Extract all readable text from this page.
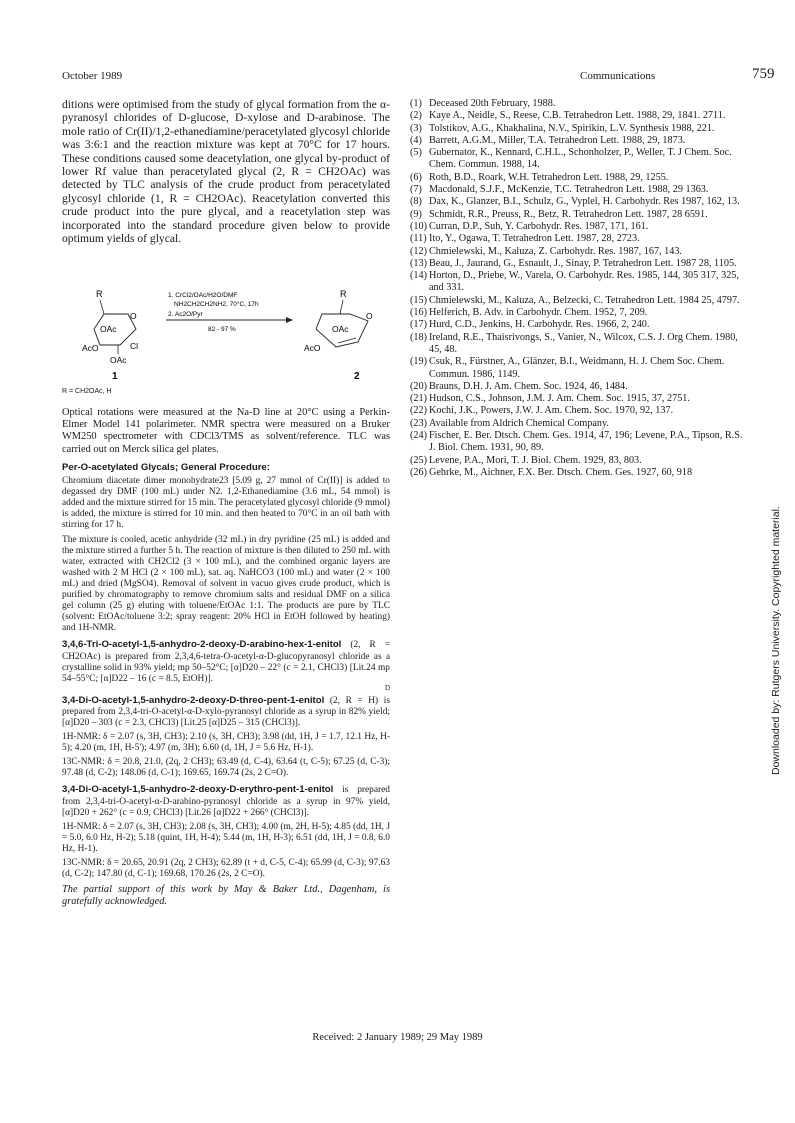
October 1989	Communications	759
Downloaded by: Rutgers University. Copyrighted material.

ditions were optimised from the study of glycal formation from the α-pyranosyl chlorides of D-glucose, D-xylose and D-arabinose. The mole ratio of Cr(II)/1,2-ethanediamine/peracetylated glycosyl chloride was 3:6:1 and the reaction mixture was kept at 70°C for 17 hours. These conditions caused some deacetylation, one glycal by-product of lower Rf value than peracetylated glycal (2, R = CH2OAc) was detected by TLC analysis of the crude product from peracetylated glycosyl chloride (1, R = CH2OAc). Reacetylation converted this crude product into the pure glycal, and a reacetylation step was incorporated into the standard procedure given below to provide optimum yields of glycal.

R
O
OAc
AcO	Cl
OAc
1
1. CrCl2/OAc/H2O/DMF
NH2CH2CH2NH2, 70°C, 17h
2. Ac2O/Pyr
82 - 97 %
R
O
OAc
AcO
2
R = CH2OAc, H
Optical rotations were measured at the Na-D line at 20°C using a Perkin-Elmer Model 141 polarimeter. NMR spectra were measured on a Bruker WM250 spectrometer with CDCl3/TMS as solvent/reference. TLC was carried out on Merck silica gel plates.

Per-O-acetylated Glycals; General Procedure:

Chromium diacetate dimer monohydrate23 [5.09 g, 27 mmol of Cr(II)] is added to degassed dry DMF (100 mL) under N2. 1,2-Ethanediamine (3.6 mL, 54 mmol) is added and the mixture stirred for 15 min. The peracetylated glycosyl chloride (9 mmol) is added, the mixture is stirred for 10 min. and then heated to 70°C in an oil bath with stirring for 17 h.

The mixture is cooled, acetic anhydride (32 mL) in dry pyridine (25 mL) is added and the mixture stirred a further 5 h. The reaction of mixture is then diluted to 250 mL with water, extracted with CH2Cl2 (3 × 100 mL), and the combined organic layers are washed with 2 M HCl (2 × 100 mL), sat. aq. NaHCO3 (100 mL) and water (2 × 100 mL) and dried (MgSO4). Removal of solvent in vacuo gives crude product, which is purified by chromatography to remove chromium salts and residual DMF on a silica gel column (25 g) eluting with toluene/EtOAc 1:1. The products are pure by TLC (solvent: EtOAc/toluene 3:2; spray reagent: 20% HCl in EtOH followed by heating) and 1H-NMR.

3,4,6-Tri-O-acetyl-1,5-anhydro-2-deoxy-D-arabino-hex-1-enitol (2, R = CH2OAc) is prepared from 2,3,4,6-tetra-O-acetyl-α-D-glucopyranosyl chloride as a crystalline solid in 93% yield; mp 50–52°C; [α]D20 – 22° (c = 2.1, CHCl3) [Lit.24 mp 54–55°C; [α]D22 – 16 (c = 8.5, EtOH)].
D

3,4-Di-O-acetyl-1,5-anhydro-2-deoxy-D-threo-pent-1-enitol (2, R = H) is prepared from 2,3,4-tri-O-acetyl-α-D-xylo-pyranosyl chloride as a syrup in 82% yield; [α]D20 – 303 (c = 2.3, CHCl3) [Lit.25 [α]D25 – 315 (CHCl3)].

1H-NMR: δ = 2.07 (s, 3H, CH3); 2.10 (s, 3H, CH3); 3.98 (dd, 1H, J = 1.7, 12.1 Hz, H-5); 4.20 (m, 1H, H-5'); 4.97 (m, 3H); 6.60 (d, 1H, J = 5.6 Hz, H-1).

13C-NMR: δ = 20.8, 21.0, (2q, 2 CH3); 63.49 (d, C-4), 63.64 (t, C-5); 67.25 (d, C-3); 97.48 (d, C-2); 148.06 (d, C-1); 169.65, 169.74 (2s, 2 C=O).

3,4-Di-O-acetyl-1,5-anhydro-2-deoxy-D-erythro-pent-1-enitol is prepared from 2,3,4-tri-O-acetyl-α-D-arabino-pyranosyl chloride as a syrup in 97% yield, [α]D20 + 262° (c = 0.9, CHCl3) [Lit.26 [α]D22 + 266° (CHCl3)].

1H-NMR: δ = 2.07 (s, 3H, CH3); 2.08 (s, 3H, CH3); 4.00 (m, 2H, H-5); 4.85 (dd, 1H, J = 5.0, 6.0 Hz, H-2); 5.18 (quint, 1H, H-4); 5.44 (m, 1H, H-3); 6.51 (dd, 1H, J = 0.8, 6.0 Hz, H-1).

13C-NMR: δ = 20.65, 20.91 (2q, 2 CH3); 62.89 (t + d, C-5, C-4); 65.99 (d, C-3); 97.63 (d, C-2); 147.80 (d, C-1); 169.68, 170.26 (2s, 2 C=O).

The partial support of this work by May & Baker Ltd., Dagenham, is gratefully acknowledged.

(1) Deceased 20th February, 1988.
(2) Kaye A., Neidle, S., Reese, C.B. Tetrahedron Lett. 1988, 29, 1841. 2711.
(3) Tolstikov, A.G., Khakhalina, N.V., Spirikin, L.V. Synthesis 1988, 221.
(4) Barrett, A.G.M., Miller, T.A. Tetrahedron Lett. 1988, 29, 1873.
(5) Gubernator, K., Kennard, C.H.L., Schonholzer, P., Weller, T. J Chem. Soc. Chem. Commun. 1988, 14.
(6) Roth, B.D., Roark, W.H. Tetrahedron Lett. 1988, 29, 1255.
(7) Macdonald, S.J.F., McKenzie, T.C. Tetrahedron Lett. 1988, 29 1363.
(8) Dax, K., Glanzer, B.I., Schulz, G., Vyplel, H. Carbohydr. Res 1987, 162, 13.
(9) Schmidt, R.R., Preuss, R., Betz, R. Tetrahedron Lett. 1987, 28 6591.
(10) Curran, D.P., Suh, Y. Carbohydr. Res. 1987, 171, 161.
(11) Ito, Y., Ogawa, T. Tetrahedron Lett. 1987, 28, 2723.
(12) Chmielewski, M., Kaluza, Z. Carbohydr. Res. 1987, 167, 143.
(13) Beau, J., Jaurand, G., Esnault, J., Sinay, P. Tetrahedron Lett. 1987 28, 1105.
(14) Horton, D., Priebe, W., Varela, O. Carbohydr. Res. 1985, 144, 305 317, 325, and 331.
(15) Chmielewski, M., Kaluza, A., Belzecki, C. Tetrahedron Lett. 1984 25, 4797.
(16) Helferich, B. Adv. in Carbohydr. Chem. 1952, 7, 209.
(17) Hurd, C.D., Jenkins, H. Carbohydr. Res. 1966, 2, 240.
(18) Ireland, R.E., Thaisrivongs, S., Vanier, N., Wilcox, C.S. J. Org Chem. 1980, 45, 48.
(19) Csuk, R., Fürstner, A., Glänzer, B.I., Weidmann, H. J. Chem Soc. Chem. Commun. 1986, 1149.
(20) Brauns, D.H. J. Am. Chem. Soc. 1924, 46, 1484.
(21) Hudson, C.S., Johnson, J.M. J. Am. Chem. Soc. 1915, 37, 2751.
(22) Kochi, J.K., Powers, J.W. J. Am. Chem. Soc. 1970, 92, 137.
(23) Available from Aldrich Chemical Company.
(24) Fischer, E. Ber. Dtsch. Chem. Ges. 1914, 47, 196; Levene, P.A., Tipson, R.S. J. Biol. Chem. 1931, 90, 89.
(25) Levene, P.A., Mori, T. J. Biol. Chem. 1929, 83, 803.
(26) Gehrke, M., Aichner, F.X. Ber. Dtsch. Chem. Ges. 1927, 60, 918
Received: 2 January 1989; 29 May 1989
